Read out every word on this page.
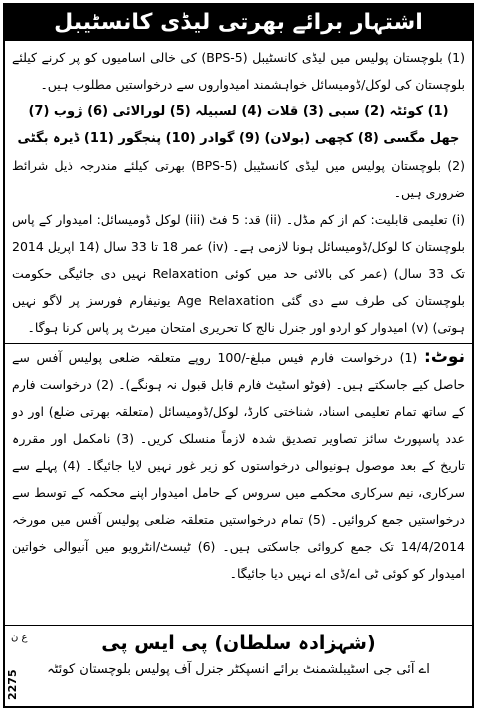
اشتہار برائے بھرتی لیڈی کانسٹیبل

(1) بلوچستان پولیس میں لیڈی کانسٹیبل (BPS-5) کی خالی اسامیوں کو پر کرنے کیلئے بلوچستان کی لوکل/ڈومیسائل خواہشمند امیدواروں سے درخواستیں مطلوب ہیں۔

(1) کوئٹہ (2) سبی (3) قلات (4) لسبیلہ (5) لورالائی (6) ژوب (7) جھل مگسی (8) کچھی (بولان) (9) گوادر (10) پنجگور (11) ڈیرہ بگٹی

(2) بلوچستان پولیس میں لیڈی کانسٹیبل (BPS-5) بھرتی کیلئے مندرجہ ذیل شرائط ضروری ہیں۔

(i) تعلیمی قابلیت: کم از کم مڈل۔ (ii) قد: 5 فٹ (iii) لوکل ڈومیسائل: امیدوار کے پاس بلوچستان کا لوکل/ڈومیسائل ہونا لازمی ہے۔ (iv) عمر 18 تا 33 سال (14 اپریل 2014 تک 33 سال) (عمر کی بالائی حد میں کوئی Relaxation نہیں دی جائیگی حکومت بلوچستان کی طرف سے دی گئی Age Relaxation یونیفارم فورسز پر لاگو نہیں ہوتی) (v) امیدوار کو اردو اور جنرل نالج کا تحریری امتحان میرٹ پر پاس کرنا ہوگا۔

نوٹ: (1) درخواست فارم فیس مبلغ-/100 روپے متعلقہ ضلعی پولیس آفس سے حاصل کیے جاسکتے ہیں۔ (فوٹو اسٹیٹ فارم قابل قبول نہ ہونگے)۔ (2) درخواست فارم کے ساتھ تمام تعلیمی اسناد، شناختی کارڈ، لوکل/ڈومیسائل (متعلقہ بھرتی ضلع) اور دو عدد پاسپورٹ سائز تصاویر تصدیق شدہ لازماً منسلک کریں۔ (3) نامکمل اور مقررہ تاریخ کے بعد موصول ہونیوالی درخواستوں کو زیر غور نہیں لایا جائیگا۔ (4) پہلے سے سرکاری، نیم سرکاری محکمے میں سروس کے حامل امیدوار اپنے محکمہ کے توسط سے درخواستیں جمع کروائیں۔ (5) تمام درخواستیں متعلقہ ضلعی پولیس آفس میں مورخہ 14/4/2014 تک جمع کروائی جاسکتی ہیں۔ (6) ٹیسٹ/انٹرویو میں آنیوالی خواتین امیدوار کو کوئی ٹی اے/ڈی اے نہیں دیا جائیگا۔

(شہزادہ سلطان) پی ایس پی
اے آئی جی اسٹیبلشمنٹ برائے انسپکٹر جنرل آف پولیس بلوچستان کوئٹہ
ع ن
2275
